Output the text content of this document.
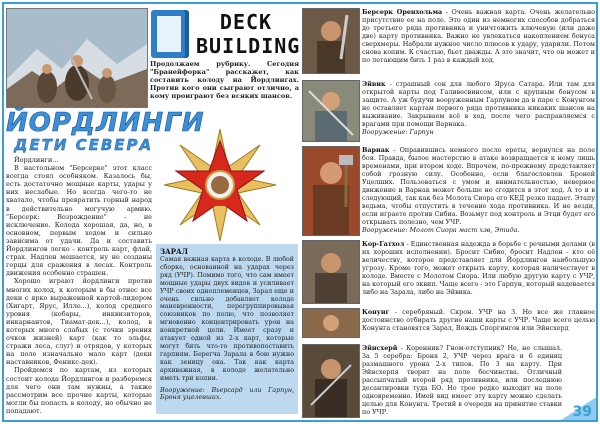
DECK
BUILDING

Продолжаем рубрику. Сегодня "Бранейфорка" расскажет, как составить колоду на Йордлингах. Против кого они сыграют отлично, а кому проиграют без всяких шансов.

ЙОРДЛИНГИ
ДЕТИ СЕВЕРА

Йордлинги...

В настольном "Берсерке" этот класс всегда стоял особняком. Казалось бы, есть достаточно мощные карты, удары у них неслабые. Но всегда чего-то не хватало, чтобы превратить горный народ в действительно могучую армию. "Берсерк: Возрождение" - не исключение. Колода хорошая, да, но, в основном, первым ходом и сильно зависима от удачи. Да и составить Йордлингов легко - контроль карт, флай, страх. Надлен мешается, ну не созданы горцы для сражения в лесах. Контроль движения особенно страшен.

Хорошо играют йордлинги против многих колод, к которым в бы отнес все деки с ярко выраженной картой-лидером (Хигарт, Ярус, Илле...), колод среднего уровня (кобары, инквизиторов, инкарнантов, Тиамат-дек...), колод, в которых много слабых (с точки зрения очков жизней) карт (как то эльфы, стражи леса, слуг) и отрядов, у которых на поле изначально мало карт (деки наставников, Феникс-дек).

Пройдемся по картам, из которых состоит колода Йордлингов и разберемся для чего они там нужны, а также рассмотрим все прочие карты, которые могли бы попасть в колоду, но обычно не попадают.

ЗАРАЛ

Самая важная карта в колоде. В любой сборке, основанной на ударах через ряд (УЧР). Помимо того, что сам имеет мощные удары двух видов и усиливает УЧР своих одноплеменцев, Зарал еще и очень сильно добавляет колоде маневренности, перегруппировывая союзников по полю, что позволяет мгновенно концентрировать урон на конкретной цели. Имеет сразу и атакует одной из 2-х карт, которые могут бить что-то противопоставить гарпиям. Берегча Зарала в бою нужно как зеницу ока. Так как карта архиважная, в колоде желательно иметь три копии.

Вооружение: Вьерсард или Гарпун, Броня уцелевших.

Берсерк Оренхольма - Очень важная карта. Очень желательно присутствие ее на поле. Это один из немногих способов добраться до третьего ряда противника и уничтожить ключевую (или даже две) карту противника. Важно не увлекаться накоплением бонуса сверхмеры. Набрали нужное число плюсов к удару, ударили. Потом снова копим. К счастью, бьет дважды. А это значит, что он может и по летающим бить 1 раз в каждый ход.

Эйвик - страшный сон для любого Яруса Сатара. Или там для открытой карты под Галивесвинсом, или с крупным бонусом в защите. А уж будучи вооруженным Гарпуном да в паре с Конунгом не оставляет картам первого ряда противника никаких шансов на выживание. Закрываем всё в ход, после чего расправляемся с врагами при помощи Варнака.
Вооружение: Гарпун

Варнак - Оправившись немного после ереты, вернулся на поле боя. Правда, былое мастерство в атаке возвращается к нему лишь временами, при втором ходе. Впрочем, по-прежнему представляет собой грозную силу. Особенно, если благословлен Броней Уцелших. Пользоваться с умом и внимательностью, неверное движение и Варнак может больше не сгодится в этот ход. А то и в следующий, так как без Молота Сиора его КЕД резко падает. Этапу ведьма, чтобы отпустить в течение хода противника. И не везди, если играете против Сибиа. Возьмут под контроль и Этци будет его открывать полезно, чем УЧР.
Вооружение: Молот Сиора маст хэв, Этида.

Кор-Гатхол - Единственная надежда в борьбе с речными делами (в их хороших исполнении). Бросит Сибио, бросит Надлен - кто её величеству, которое представляет для Йордлингов наибольшую угрозу. Кроме того, может открыть карту, которая наличествует в колоде. Вместе с Молотом Сиора. Или любую другую карту с УЧР, на который его эквип. Чаще всего - это Гарпун, который надевается либо на Зарала, либо на Эйвика.

Конунг - серебряный. Скрон. УЧР на 3. Но все же главное достоинство отбирать другие наши карты с УЧР. Чаще всего целью Конунга становятся Зарал, Вождь Споргингов или Эйнсхерд

Эйнсхерй - Коренник? Гном-отступник? Не, не слышал. За 5 серебра: Броня 2, УЧР через врага и 6 единиц размашного урона 2-х типов. По 3 на карту. При Эйнсхерпя творит на поле бесчинства. Отличный рассыпчатый второй ряд противника, или последнюю десантировки туда БО. Но трое редко выходит на поле одновременно. Имей вид имеет эту карту можно сделать целью для Конунга. Третий в очереди на принятие ставки по УЧР.	39
